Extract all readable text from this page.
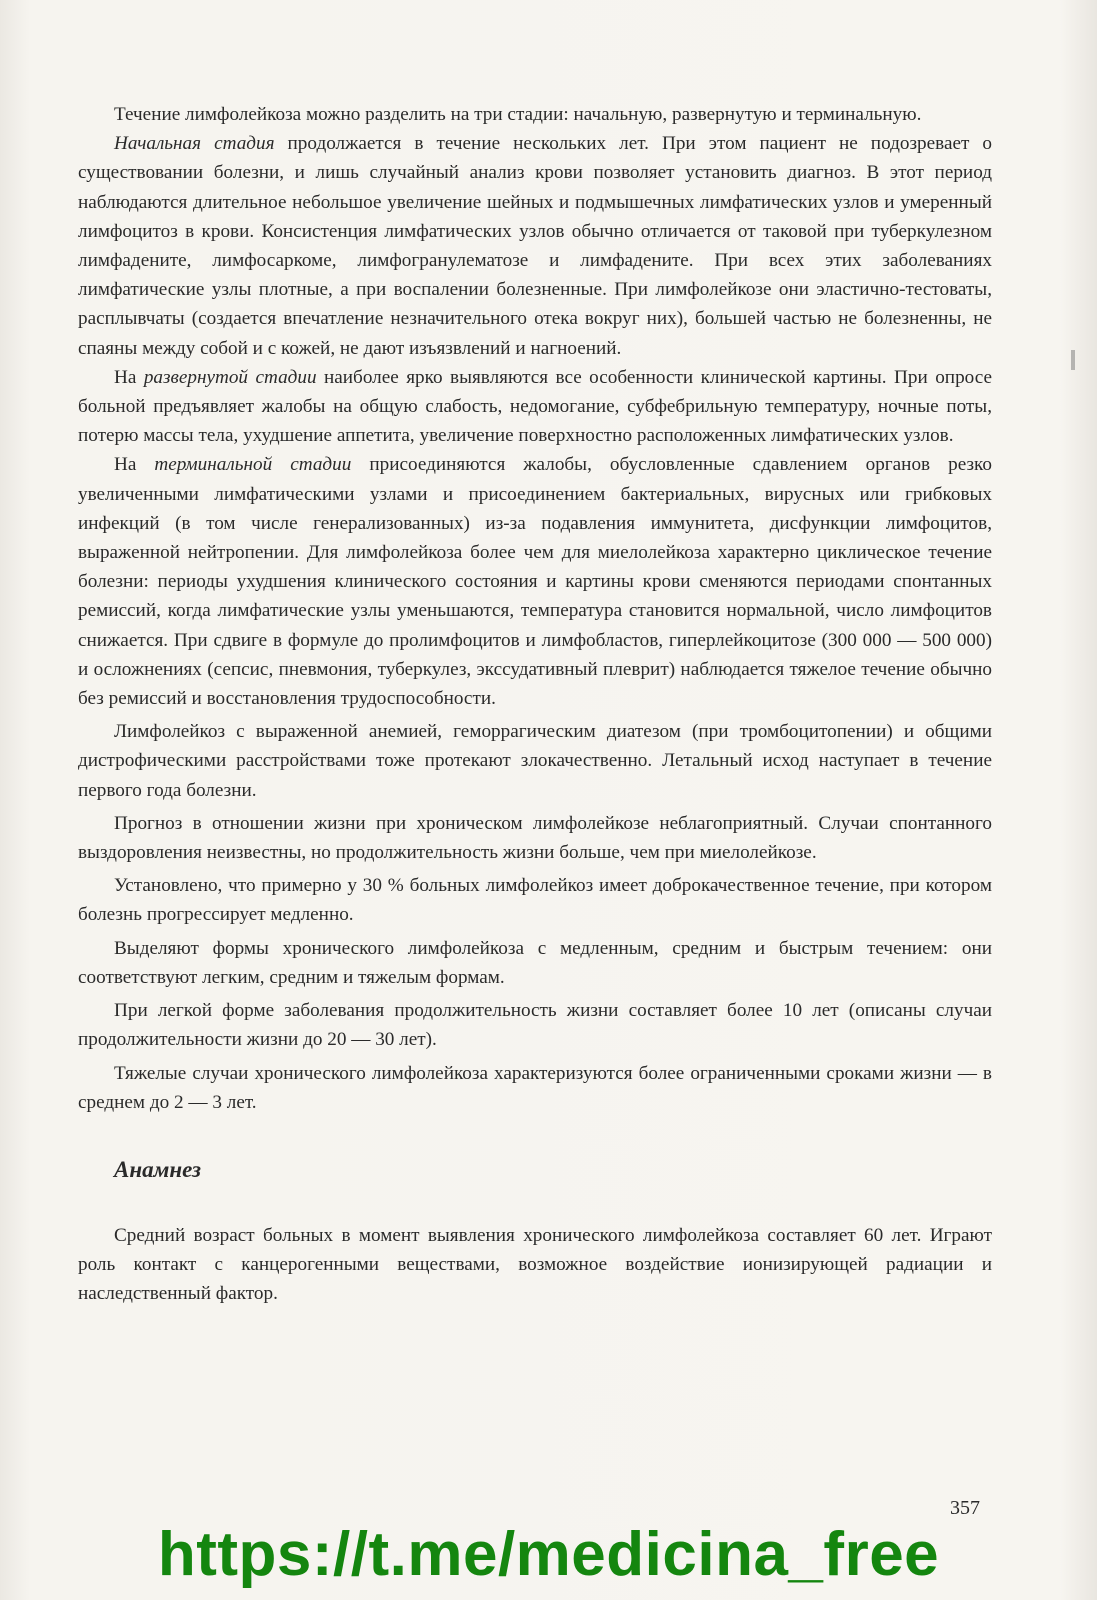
Течение лимфолейкоза можно разделить на три стадии: начальную, развернутую и терминальную.

Начальная стадия продолжается в течение нескольких лет. При этом пациент не подозревает о существовании болезни, и лишь случайный анализ крови позволяет установить диагноз. В этот период наблюдаются длительное небольшое увеличение шейных и подмышечных лимфатических узлов и умеренный лимфоцитоз в крови. Консистенция лимфатических узлов обычно отличается от таковой при туберкулезном лимфадените, лимфосаркоме, лимфогранулематозе и лимфадените. При всех этих заболеваниях лимфатические узлы плотные, а при воспалении болезненные. При лимфолейкозе они эластично-тестоваты, расплывчаты (создается впечатление незначительного отека вокруг них), большей частью не болезненны, не спаяны между собой и с кожей, не дают изъязвлений и нагноений.

На развернутой стадии наиболее ярко выявляются все особенности клинической картины. При опросе больной предъявляет жалобы на общую слабость, недомогание, субфебрильную температуру, ночные поты, потерю массы тела, ухудшение аппетита, увеличение поверхностно расположенных лимфатических узлов.

На терминальной стадии присоединяются жалобы, обусловленные сдавлением органов резко увеличенными лимфатическими узлами и присоединением бактериальных, вирусных или грибковых инфекций (в том числе генерализованных) из-за подавления иммунитета, дисфункции лимфоцитов, выраженной нейтропении. Для лимфолейкоза более чем для миелолейкоза характерно циклическое течение болезни: периоды ухудшения клинического состояния и картины крови сменяются периодами спонтанных ремиссий, когда лимфатические узлы уменьшаются, температура становится нормальной, число лимфоцитов снижается. При сдвиге в формуле до пролимфоцитов и лимфобластов, гиперлейкоцитозе (300 000 — 500 000) и осложнениях (сепсис, пневмония, туберкулез, экссудативный плеврит) наблюдается тяжелое течение обычно без ремиссий и восстановления трудоспособности.

Лимфолейкоз с выраженной анемией, геморрагическим диатезом (при тромбоцитопении) и общими дистрофическими расстройствами тоже протекают злокачественно. Летальный исход наступает в течение первого года болезни.

Прогноз в отношении жизни при хроническом лимфолейкозе неблагоприятный. Случаи спонтанного выздоровления неизвестны, но продолжительность жизни больше, чем при миелолейкозе.

Установлено, что примерно у 30 % больных лимфолейкоз имеет доброкачественное течение, при котором болезнь прогрессирует медленно.

Выделяют формы хронического лимфолейкоза с медленным, средним и быстрым течением: они соответствуют легким, средним и тяжелым формам.

При легкой форме заболевания продолжительность жизни составляет более 10 лет (описаны случаи продолжительности жизни до 20 — 30 лет).

Тяжелые случаи хронического лимфолейкоза характеризуются более ограниченными сроками жизни — в среднем до 2 — 3 лет.

Анамнез

Средний возраст больных в момент выявления хронического лимфолейкоза составляет 60 лет. Играют роль контакт с канцерогенными веществами, возможное воздействие ионизирующей радиации и наследственный фактор.

357
https://t.me/medicina_free
